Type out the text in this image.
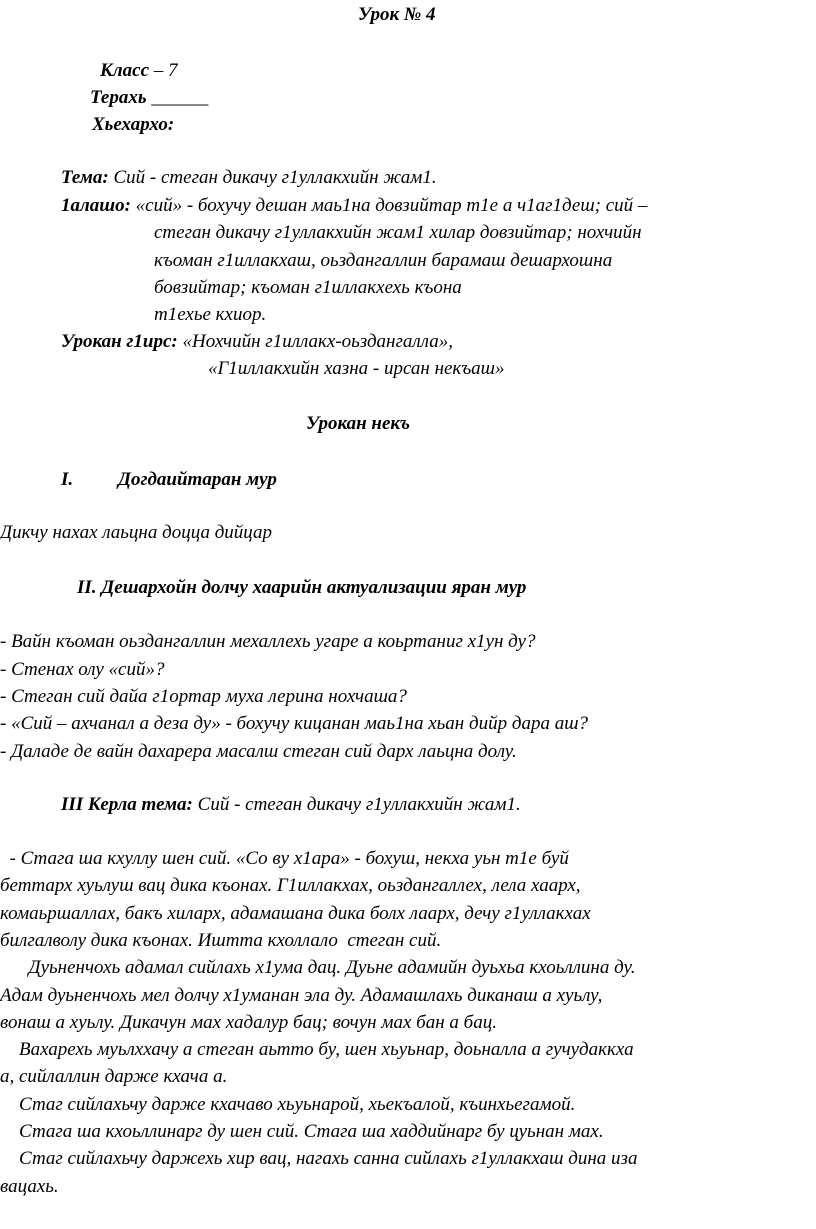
Урок № 4
Класс – 7
Терахь ______
Хьехархо:
Тема: Сий - стеган дикачу г1уллакхийн жам1.
1алашо: «сий» - бохучу дешан маь1на довзийтар т1е а ч1аг1деш; сий –
стеган дикачу г1уллакхийн жам1 хилар довзийтар; нохчийн
къоман г1иллакхаш, оьздангаллин барамаш дешархошна
бовзийтар; къоман г1иллакхехь къона
т1ехье кхиор.
Урокан г1ирс: «Нохчийн г1иллакх-оьздангалла»,
«Г1иллакхийн хазна - ирсан некъаш»
Урокан некъ
I. Догдаийтаран мур
Дикчу нахах лаьцна доцца дийцар
II. Дешархойн долчу хаарийн актуализации яран мур
- Вайн къоман оьздангаллин мехаллехь угаре а коьртаниг х1ун ду?
- Стенах олу «сий»?
- Стеган сий дайа г1ортар муха лерина нохчаша?
- «Сий – ахчанал а деза ду» - бохучу кицанан маь1на хьан дийр дара аш?
- Даладе де вайн дахарера масалш стеган сий дарх лаьцна долу.
III Керла тема: Сий - стеган дикачу г1уллакхийн жам1.
- Стага ша кхуллу шен сий. «Со ву х1ара» - бохуш, некха уьн т1е буй
беттарх хуьлуш вац дика къонах. Г1иллакхах, оьздангаллех, лела хаарх,
комаьршаллах, бакъ хиларх, адамашана дика болх лаарх, дечу г1уллакхах
билгалволу дика къонах. Иштта кхоллало  стеган сий.
Дуьненчохь адамал сийлахь х1ума дац. Дуьне адамийн дуьхьа кхоьллина ду.
Адам дуьненчохь мел долчу х1уманан эла ду. Адамашлахь диканаш а хуьлу,
вонаш а хуьлу. Дикачун мах хадалур бац; вочун мах бан а бац.
Вахарехь муьлххачу а стеган аьтто бу, шен хьуьнар, доьналла а гучудаккха
а, сийлаллин дарже кхача а.
Стаг сийлахьчу дарже кхачаво хьуьнарой, хьекъалой, къинхьегамой.
Стага ша кхоьллинарг ду шен сий. Стага ша хаддийнарг бу цуьнан мах.
Стаг сийлахьчу даржехь хир вац, нагахь санна сийлахь г1уллакхаш дина иза
вацахь.
